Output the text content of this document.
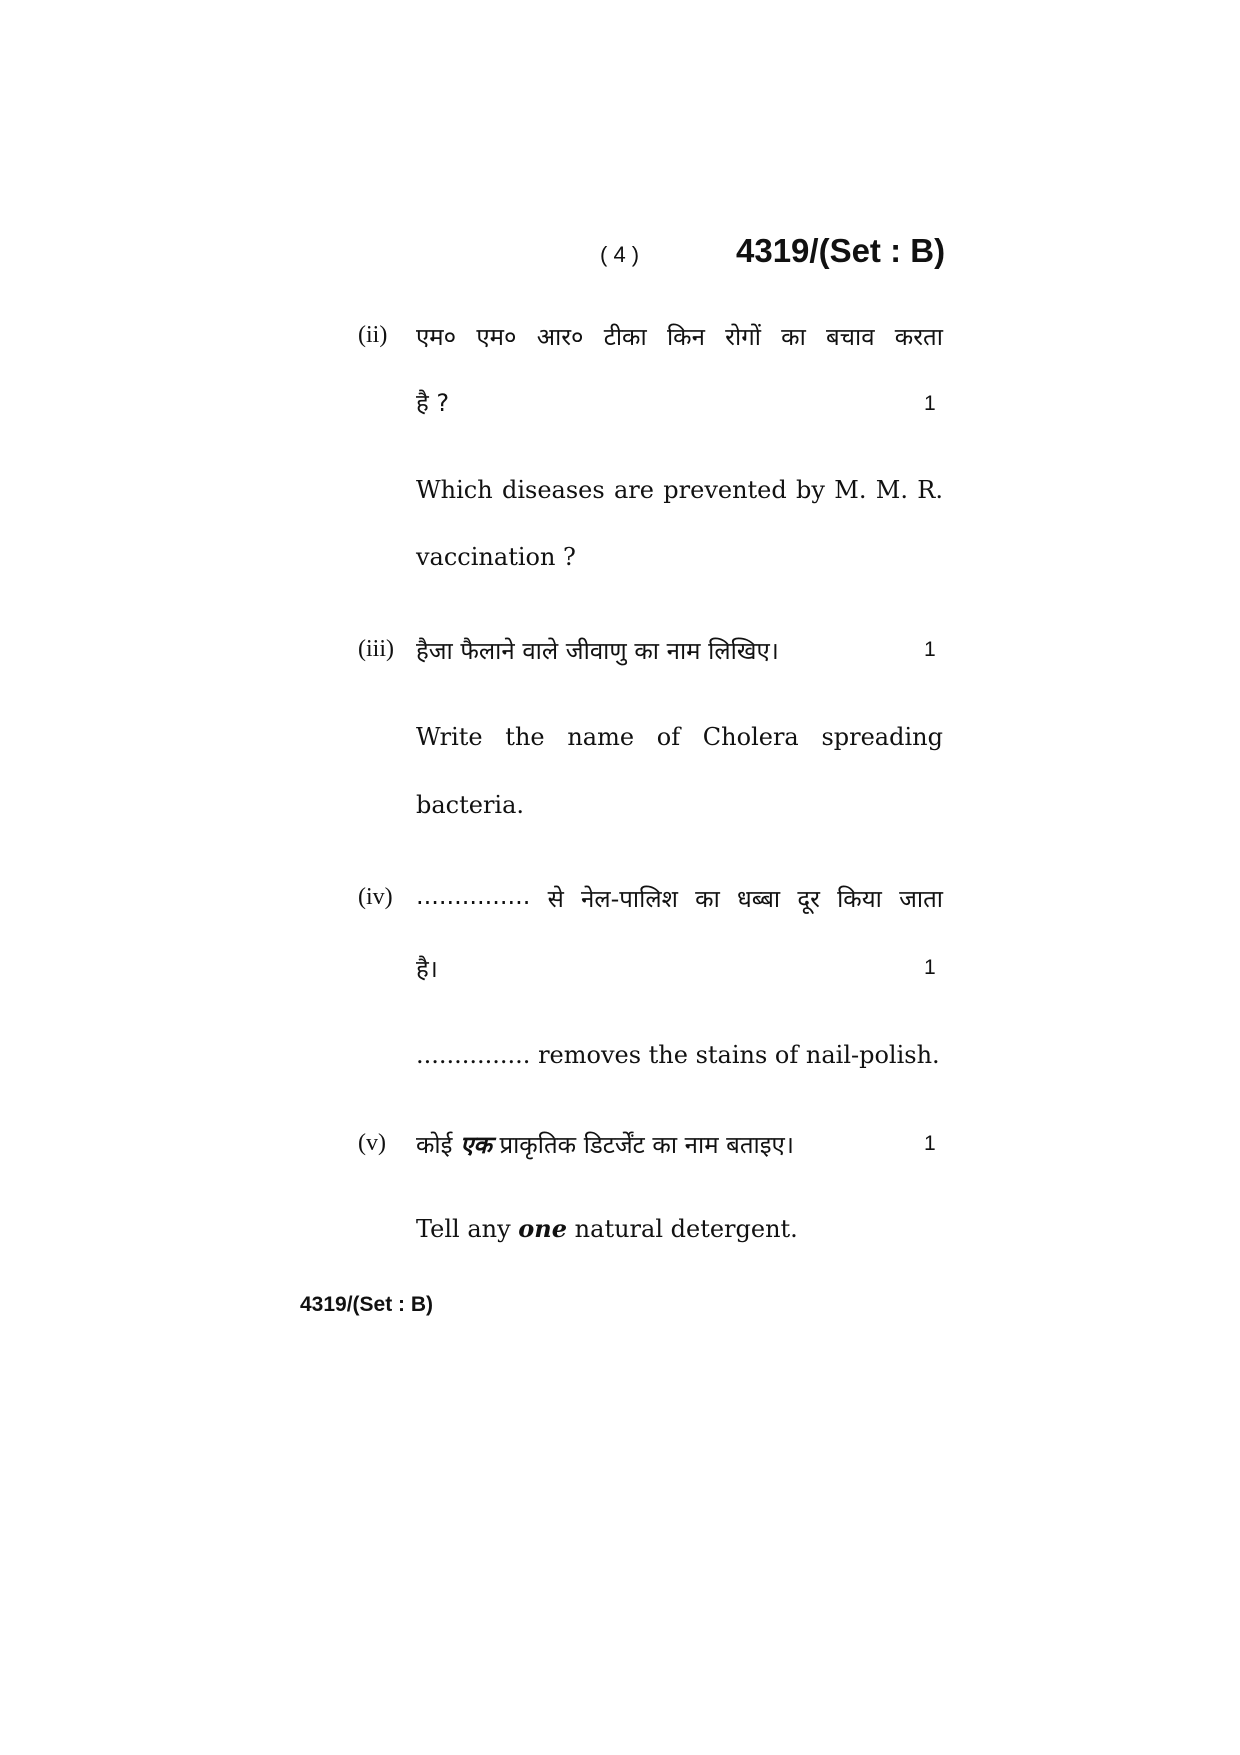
( 4 )	4319/(Set : B)
(ii) एम० एम० आर० टीका किन रोगों का बचाव करता
है ?	1
Which diseases are prevented by M. M. R.
vaccination ?
(iii) हैजा फैलाने वाले जीवाणु का नाम लिखिए।	1
Write the name of Cholera spreading
bacteria.
(iv) ............... से नेल-पालिश का धब्बा दूर किया जाता
है।	1
............... removes the stains of nail-polish.
(v) कोई एक प्राकृतिक डिटर्जेंट का नाम बताइए।	1
Tell any one natural detergent.
4319/(Set : B)
